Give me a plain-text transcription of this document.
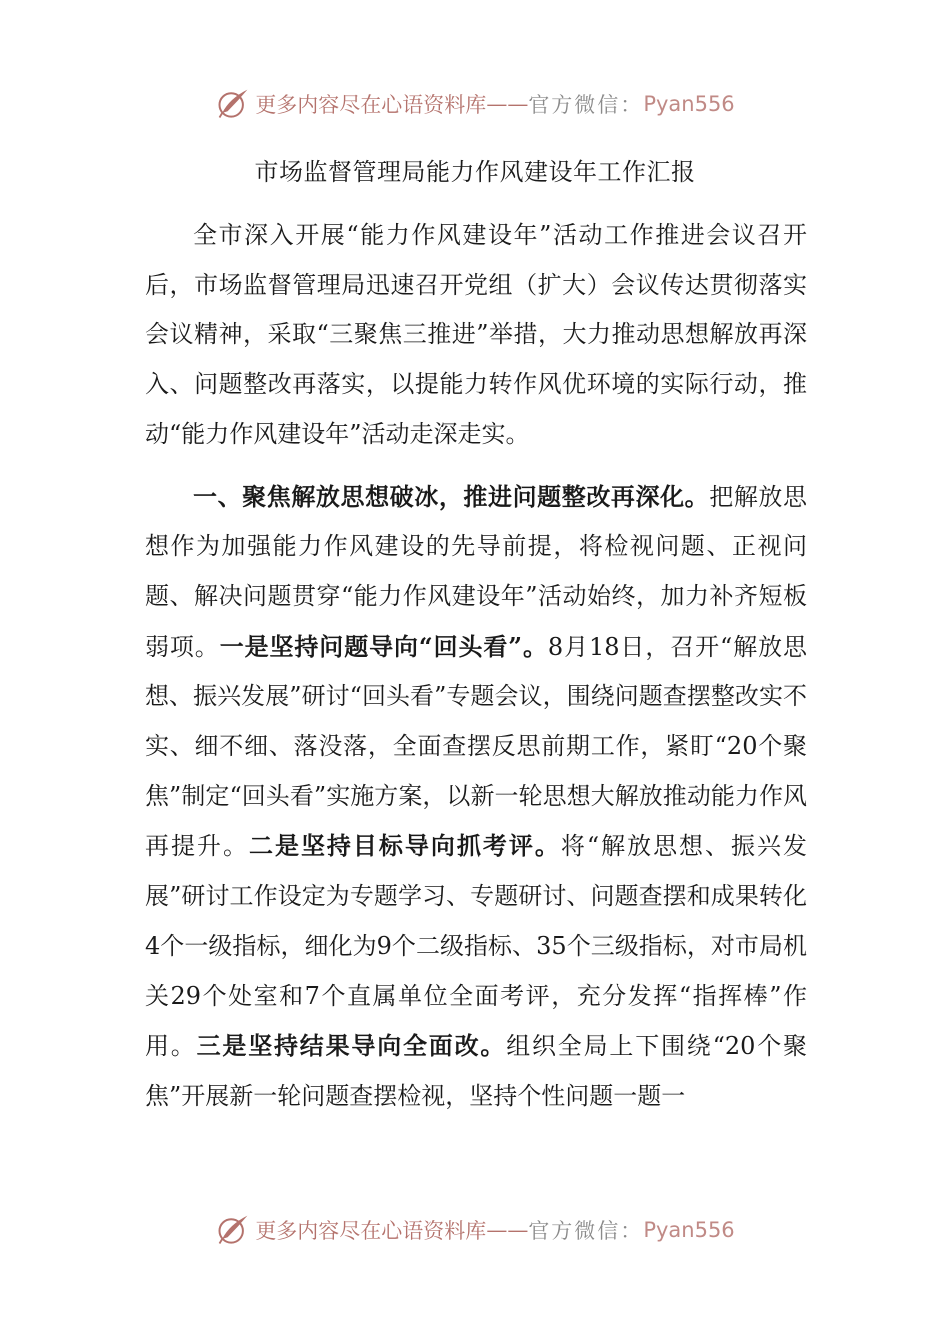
更多内容尽在心语资料库 — — 官方微信： Pyan556
市场监督管理局能力作风建设年工作汇报

全市深入开展“能力作风建设年”活动工作推进会议召开后，市场监督管理局迅速召开党组（扩大）会议传达贯彻落实会议精神，采取“三聚焦三推进”举措，大力推动思想解放再深入、问题整改再落实，以提能力转作风优环境的实际行动，推动“能力作风建设年”活动走深走实。

一、聚焦解放思想破冰，推进问题整改再深化。把解放思想作为加强能力作风建设的先导前提，将检视问题、正视问题、解决问题贯穿“能力作风建设年”活动始终，加力补齐短板弱项。一是坚持问题导向“回头看”。8月18日，召开“解放思想、振兴发展”研讨“回头看”专题会议，围绕问题查摆整改实不实、细不细、落没落，全面查摆反思前期工作，紧盯“20个聚焦”制定“回头看”实施方案，以新一轮思想大解放推动能力作风再提升。二是坚持目标导向抓考评。将“解放思想、振兴发展”研讨工作设定为专题学习、专题研讨、问题查摆和成果转化4个一级指标，细化为9个二级指标、35个三级指标，对市局机关29个处室和7个直属单位全面考评，充分发挥“指挥棒”作用。三是坚持结果导向全面改。组织全局上下围绕“20个聚焦”开展新一轮问题查摆检视，坚持个性问题一题一

更多内容尽在心语资料库 — — 官方微信： Pyan556
